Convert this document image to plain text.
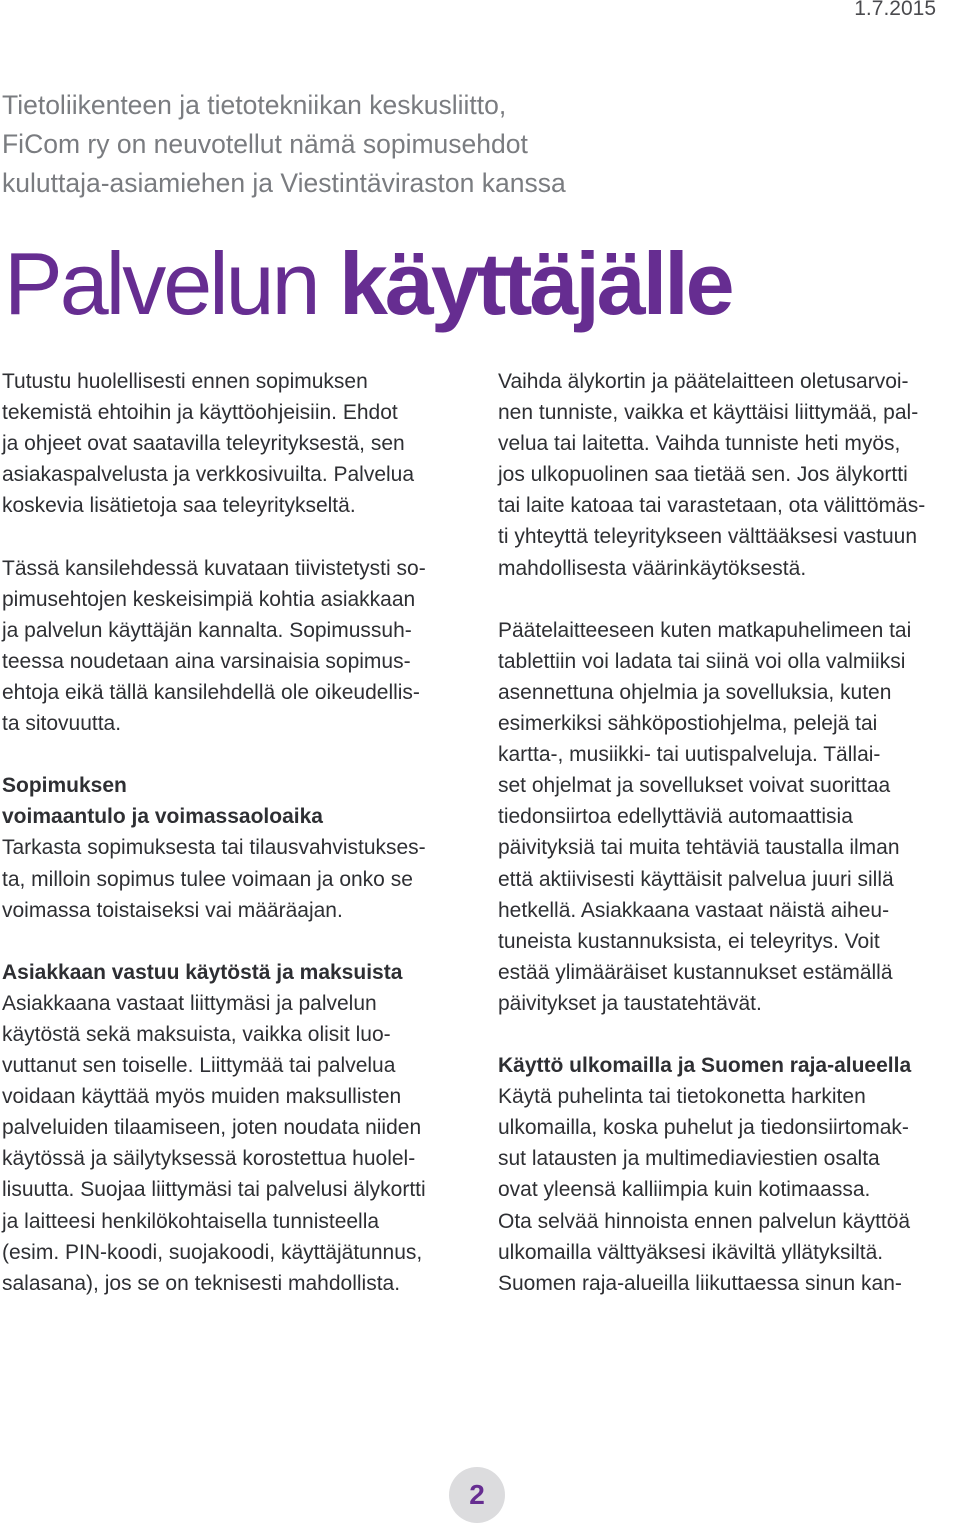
1.7.2015
Tietoliikenteen ja tietotekniikan keskusliitto,
FiCom ry on neuvotellut nämä sopimusehdot
kuluttaja-asiamiehen ja Viestintäviraston kanssa
Palvelun käyttäjälle
Tutustu huolellisesti ennen sopimuksen
tekemistä ehtoihin ja käyttöohjeisiin. Ehdot
ja ohjeet ovat saatavilla teleyrityksestä, sen
asiakaspalvelusta ja verkkosivuilta. Palvelua
koskevia lisätietoja saa teleyritykseltä.
Tässä kansilehdessä kuvataan tiivistetysti so-
pimusehtojen keskeisimpiä kohtia asiakkaan
ja palvelun käyttäjän kannalta. Sopimussuh-
teessa noudetaan aina varsinaisia sopimus-
ehtoja eikä tällä kansilehdellä ole oikeudellis-
ta sitovuutta.
Sopimuksen
voimaantulo ja voimassaoloaika
Tarkasta sopimuksesta tai tilausvahvistukses-
ta, milloin sopimus tulee voimaan ja onko se
voimassa toistaiseksi vai määräajan.
Asiakkaan vastuu käytöstä ja maksuista
Asiakkaana vastaat liittymäsi ja palvelun
käytöstä sekä maksuista, vaikka olisit luo-
vuttanut sen toiselle. Liittymää tai palvelua
voidaan käyttää myös muiden maksullisten
palveluiden tilaamiseen, joten noudata niiden
käytössä ja säilytyksessä korostettua huolel-
lisuutta. Suojaa liittymäsi tai palvelusi älykortti
ja laitteesi henkilökohtaisella tunnisteella
(esim. PIN-koodi, suojakoodi, käyttäjätunnus,
salasana), jos se on teknisesti mahdollista.
Vaihda älykortin ja päätelaitteen oletusarvoi-
nen tunniste, vaikka et käyttäisi liittymää, pal-
velua tai laitetta. Vaihda tunniste heti myös,
jos ulkopuolinen saa tietää sen. Jos älykortti
tai laite katoaa tai varastetaan, ota välittömäs-
ti yhteyttä teleyritykseen välttääksesi vastuun
mahdollisesta väärinkäytöksestä.
Päätelaitteeseen kuten matkapuhelimeen tai
tablettiin voi ladata tai siinä voi olla valmiiksi
asennettuna ohjelmia ja sovelluksia, kuten
esimerkiksi sähköpostiohjelma, pelejä tai
kartta-, musiikki- tai uutispalveluja. Tällai-
set ohjelmat ja sovellukset voivat suorittaa
tiedonsiirtoa edellyttäviä automaattisia
päivityksiä tai muita tehtäviä taustalla ilman
että aktiivisesti käyttäisit palvelua juuri sillä
hetkellä. Asiakkaana vastaat näistä aiheu-
tuneista kustannuksista, ei teleyritys. Voit
estää ylimääräiset kustannukset estämällä
päivitykset ja taustatehtävät.
Käyttö ulkomailla ja Suomen raja-alueella
Käytä puhelinta tai tietokonetta harkiten
ulkomailla, koska puhelut ja tiedonsiirtomak-
sut latausten ja multimediaviestien osalta
ovat yleensä kalliimpia kuin kotimaassa.
Ota selvää hinnoista ennen palvelun käyttöä
ulkomailla välttyäksesi ikäviltä yllätyksiltä.
Suomen raja-alueilla liikuttaessa sinun kan-
2
